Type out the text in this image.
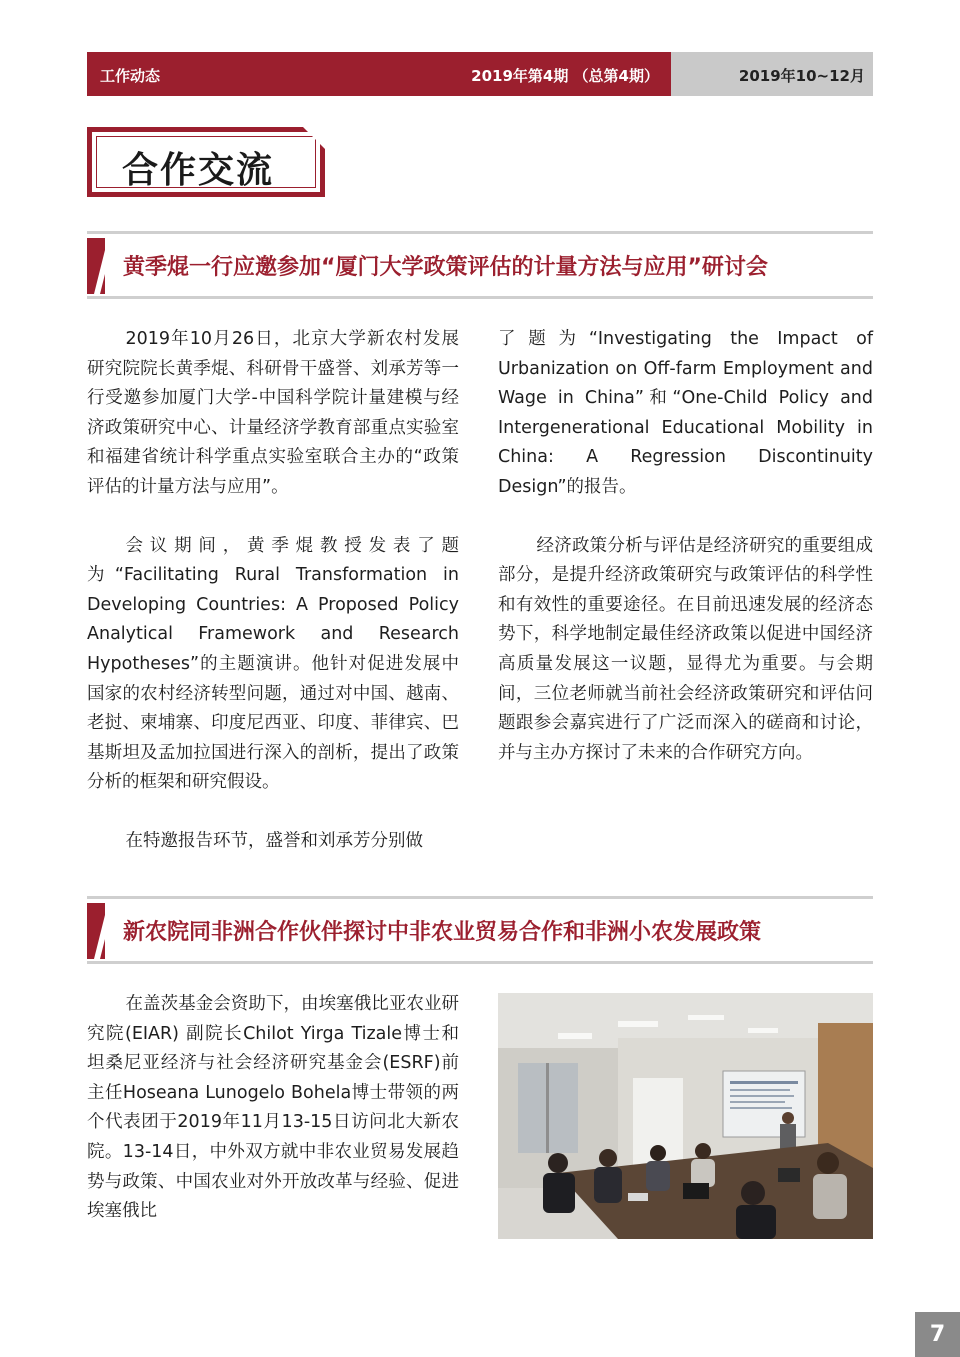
工作动态	2019年第4期 （总第4期）	2019年10~12月
合作交流
黄季焜一行应邀参加“厦门大学政策评估的计量方法与应用”研讨会

2019年10月26日，北京大学新农村发展研究院院长黄季焜、科研骨干盛誉、刘承芳等一行受邀参加厦门大学-中国科学院计量建模与经济政策研究中心、计量经济学教育部重点实验室和福建省统计科学重点实验室联合主办的“政策评估的计量方法与应用”。

会议期间，黄季焜教授发表了题为“Facilitating Rural Transformation in Developing Countries: A Proposed Policy Analytical Framework and Research Hypotheses”的主题演讲。他针对促进发展中国家的农村经济转型问题，通过对中国、越南、老挝、柬埔寨、印度尼西亚、印度、菲律宾、巴基斯坦及孟加拉国进行深入的剖析，提出了政策分析的框架和研究假设。

在特邀报告环节，盛誉和刘承芳分别做

了题为“Investigating the Impact of Urbanization on Off-farm Employment and Wage in China”和“One-Child Policy and Intergenerational Educational Mobility in China: A Regression Discontinuity Design”的报告。

经济政策分析与评估是经济研究的重要组成部分，是提升经济政策研究与政策评估的科学性和有效性的重要途径。在目前迅速发展的经济态势下，科学地制定最佳经济政策以促进中国经济高质量发展这一议题，显得尤为重要。与会期间，三位老师就当前社会经济政策研究和评估问题跟参会嘉宾进行了广泛而深入的磋商和讨论，并与主办方探讨了未来的合作研究方向。

新农院同非洲合作伙伴探讨中非农业贸易合作和非洲小农发展政策

在盖茨基金会资助下，由埃塞俄比亚农业研究院(EIAR) 副院长Chilot Yirga Tizale博士和坦桑尼亚经济与社会经济研究基金会(ESRF)前主任Hoseana Lunogelo Bohela博士带领的两个代表团于2019年11月13-15日访问北大新农院。13-14日，中外双方就中非农业贸易发展趋势与政策、中国农业对外开放改革与经验、促进埃塞俄比

7
